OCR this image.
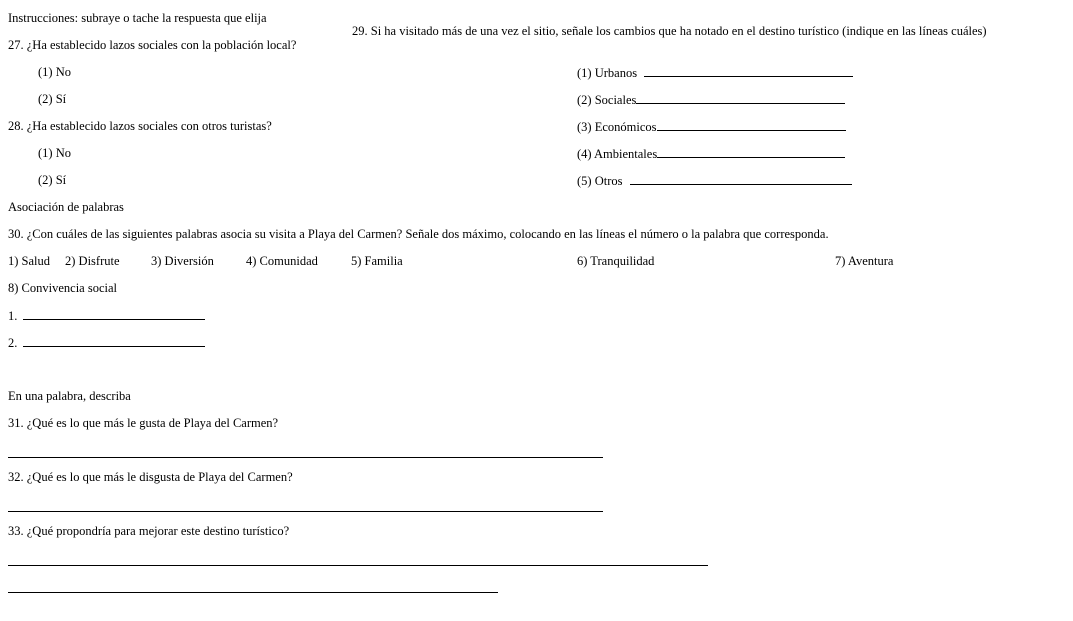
Instrucciones: subraye o tache la respuesta que elija
27. ¿Ha establecido lazos sociales con la población local?
(1) No
(2) Sí
28. ¿Ha establecido lazos sociales con otros turistas?
(1) No
(2) Sí
29. Si ha visitado más de una vez el sitio, señale los cambios que ha notado en el destino turístico (indique en las líneas cuáles)
(1) Urbanos
(2) Sociales
(3) Económicos
(4) Ambientales
(5) Otros
Asociación de palabras
30. ¿Con cuáles de las siguientes palabras asocia su visita a Playa del Carmen? Señale dos máximo, colocando en las líneas el número o la palabra que corresponda.
1) Salud 2) Disfrute	3) Diversión	4) Comunidad	5) Familia	6) Tranquilidad	7) Aventura
8) Convivencia social
1.
2.
En una palabra, describa
31. ¿Qué es lo que más le gusta de Playa del Carmen?
32. ¿Qué es lo que más le disgusta de Playa del Carmen?
33. ¿Qué propondría para mejorar este destino turístico?
